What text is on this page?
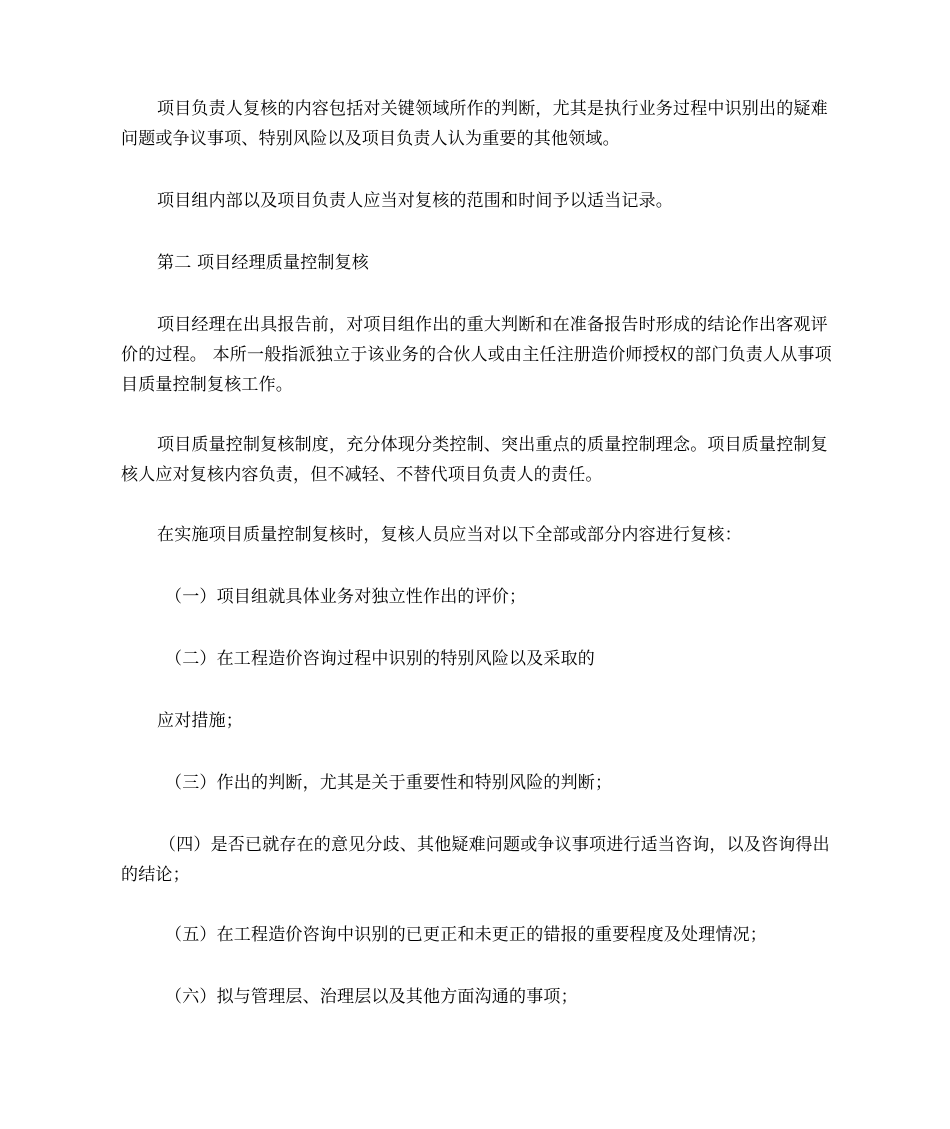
项目负责人复核的内容包括对关键领域所作的判断，尤其是执行业务过程中识别出的疑难问题或争议事项、特别风险以及项目负责人认为重要的其他领域。

项目组内部以及项目负责人应当对复核的范围和时间予以适当记录。

第二 项目经理质量控制复核

项目经理在出具报告前，对项目组作出的重大判断和在准备报告时形成的结论作出客观评价的过程。 本所一般指派独立于该业务的合伙人或由主任注册造价师授权的部门负责人从事项目质量控制复核工作。

项目质量控制复核制度，充分体现分类控制、突出重点的质量控制理念。项目质量控制复核人应对复核内容负责，但不减轻、不替代项目负责人的责任。

在实施项目质量控制复核时，复核人员应当对以下全部或部分内容进行复核：

（一）项目组就具体业务对独立性作出的评价；

（二）在工程造价咨询过程中识别的特别风险以及采取的

应对措施；

（三）作出的判断，尤其是关于重要性和特别风险的判断；

（四）是否已就存在的意见分歧、其他疑难问题或争议事项进行适当咨询，以及咨询得出的结论；

（五）在工程造价咨询中识别的已更正和未更正的错报的重要程度及处理情况；

（六）拟与管理层、治理层以及其他方面沟通的事项；
